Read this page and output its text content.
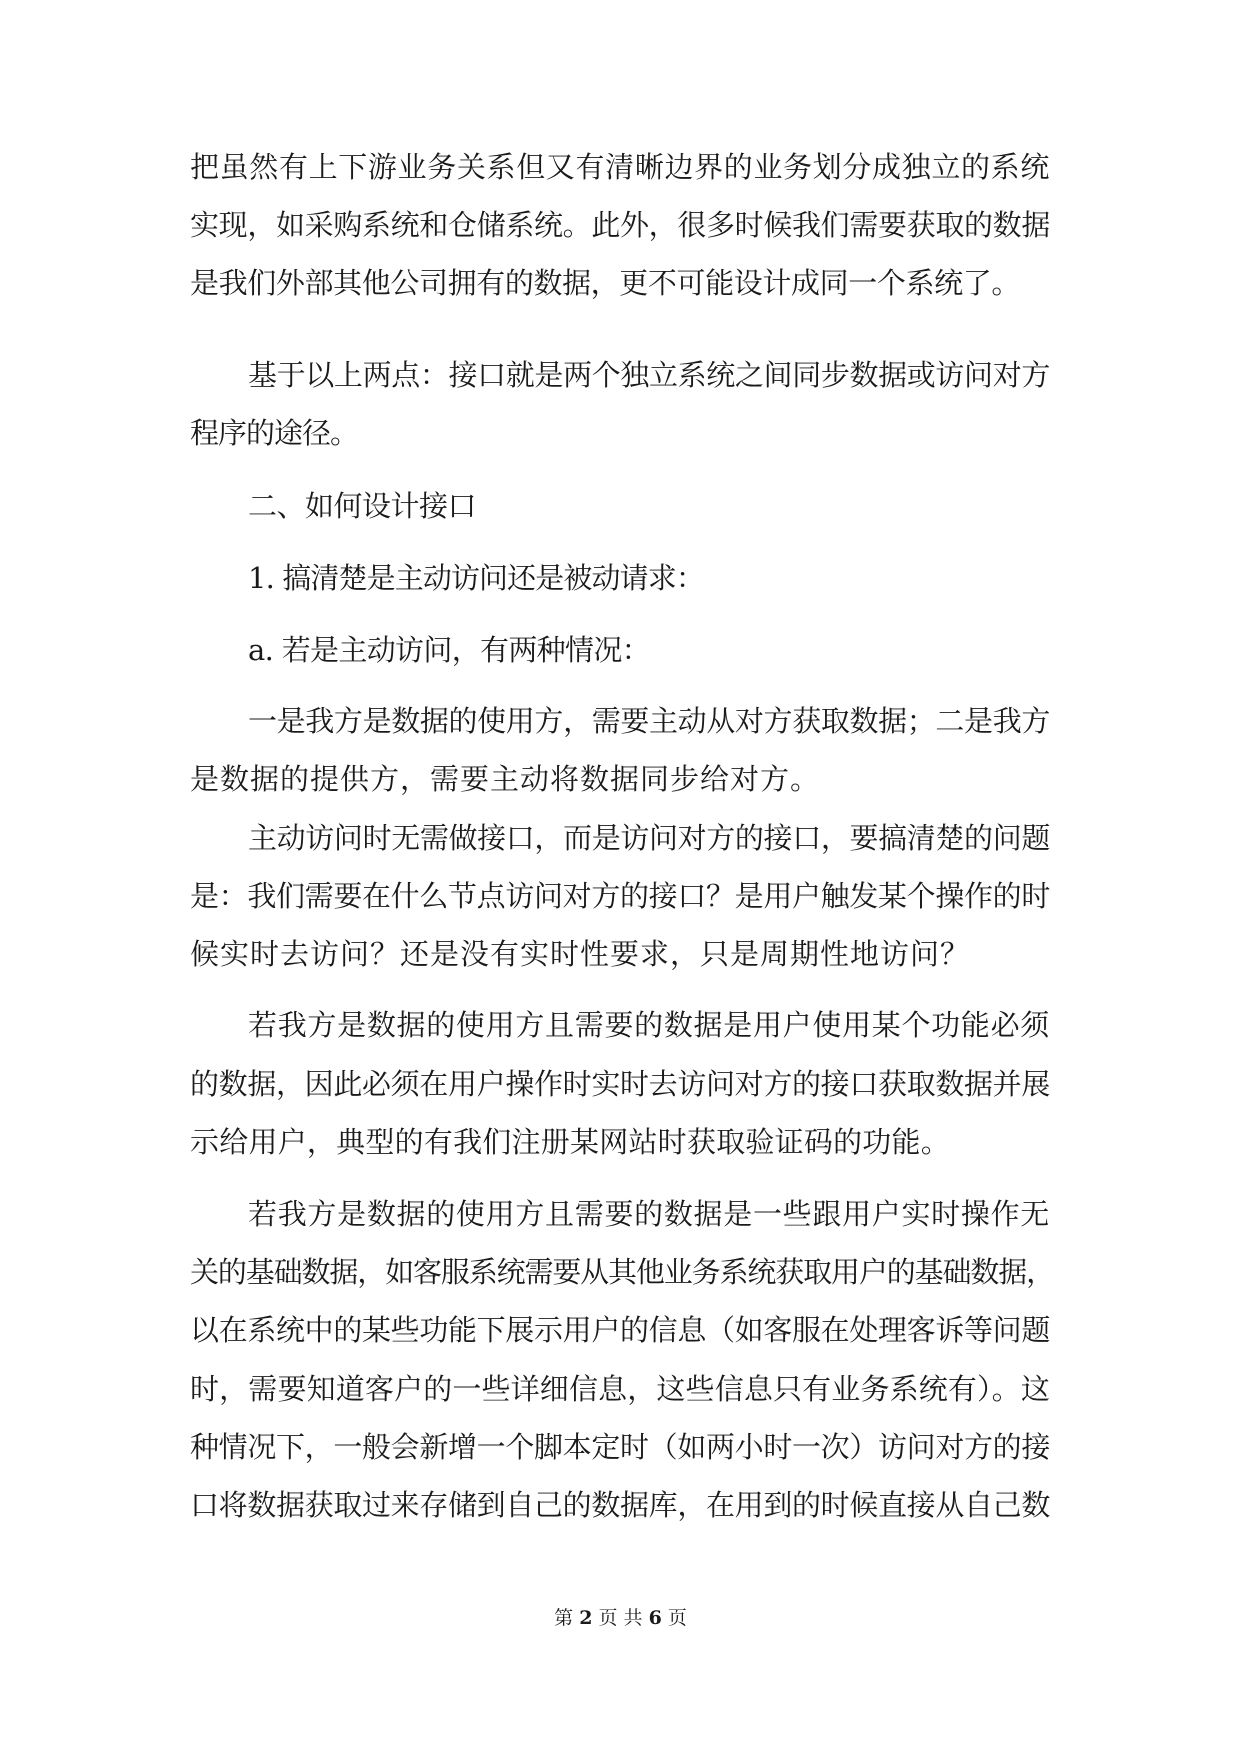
把虽然有上下游业务关系但又有清晰边界的业务划分成独立的系统
实现，如采购系统和仓储系统。此外，很多时候我们需要获取的数据
是我们外部其他公司拥有的数据，更不可能设计成同一个系统了。
基于以上两点：接口就是两个独立系统之间同步数据或访问对方
程序的途径。
二、如何设计接口
1. 搞清楚是主动访问还是被动请求：
a. 若是主动访问，有两种情况：
一是我方是数据的使用方，需要主动从对方获取数据；二是我方
是数据的提供方，需要主动将数据同步给对方。
主动访问时无需做接口，而是访问对方的接口，要搞清楚的问题
是：我们需要在什么节点访问对方的接口？是用户触发某个操作的时
候实时去访问？还是没有实时性要求，只是周期性地访问？
若我方是数据的使用方且需要的数据是用户使用某个功能必须
的数据，因此必须在用户操作时实时去访问对方的接口获取数据并展
示给用户，典型的有我们注册某网站时获取验证码的功能。
若我方是数据的使用方且需要的数据是一些跟用户实时操作无
关的基础数据，如客服系统需要从其他业务系统获取用户的基础数据，
以在系统中的某些功能下展示用户的信息（如客服在处理客诉等问题
时，需要知道客户的一些详细信息，这些信息只有业务系统有）。这
种情况下，一般会新增一个脚本定时（如两小时一次）访问对方的接
口将数据获取过来存储到自己的数据库，在用到的时候直接从自己数
第 2 页 共 6 页
